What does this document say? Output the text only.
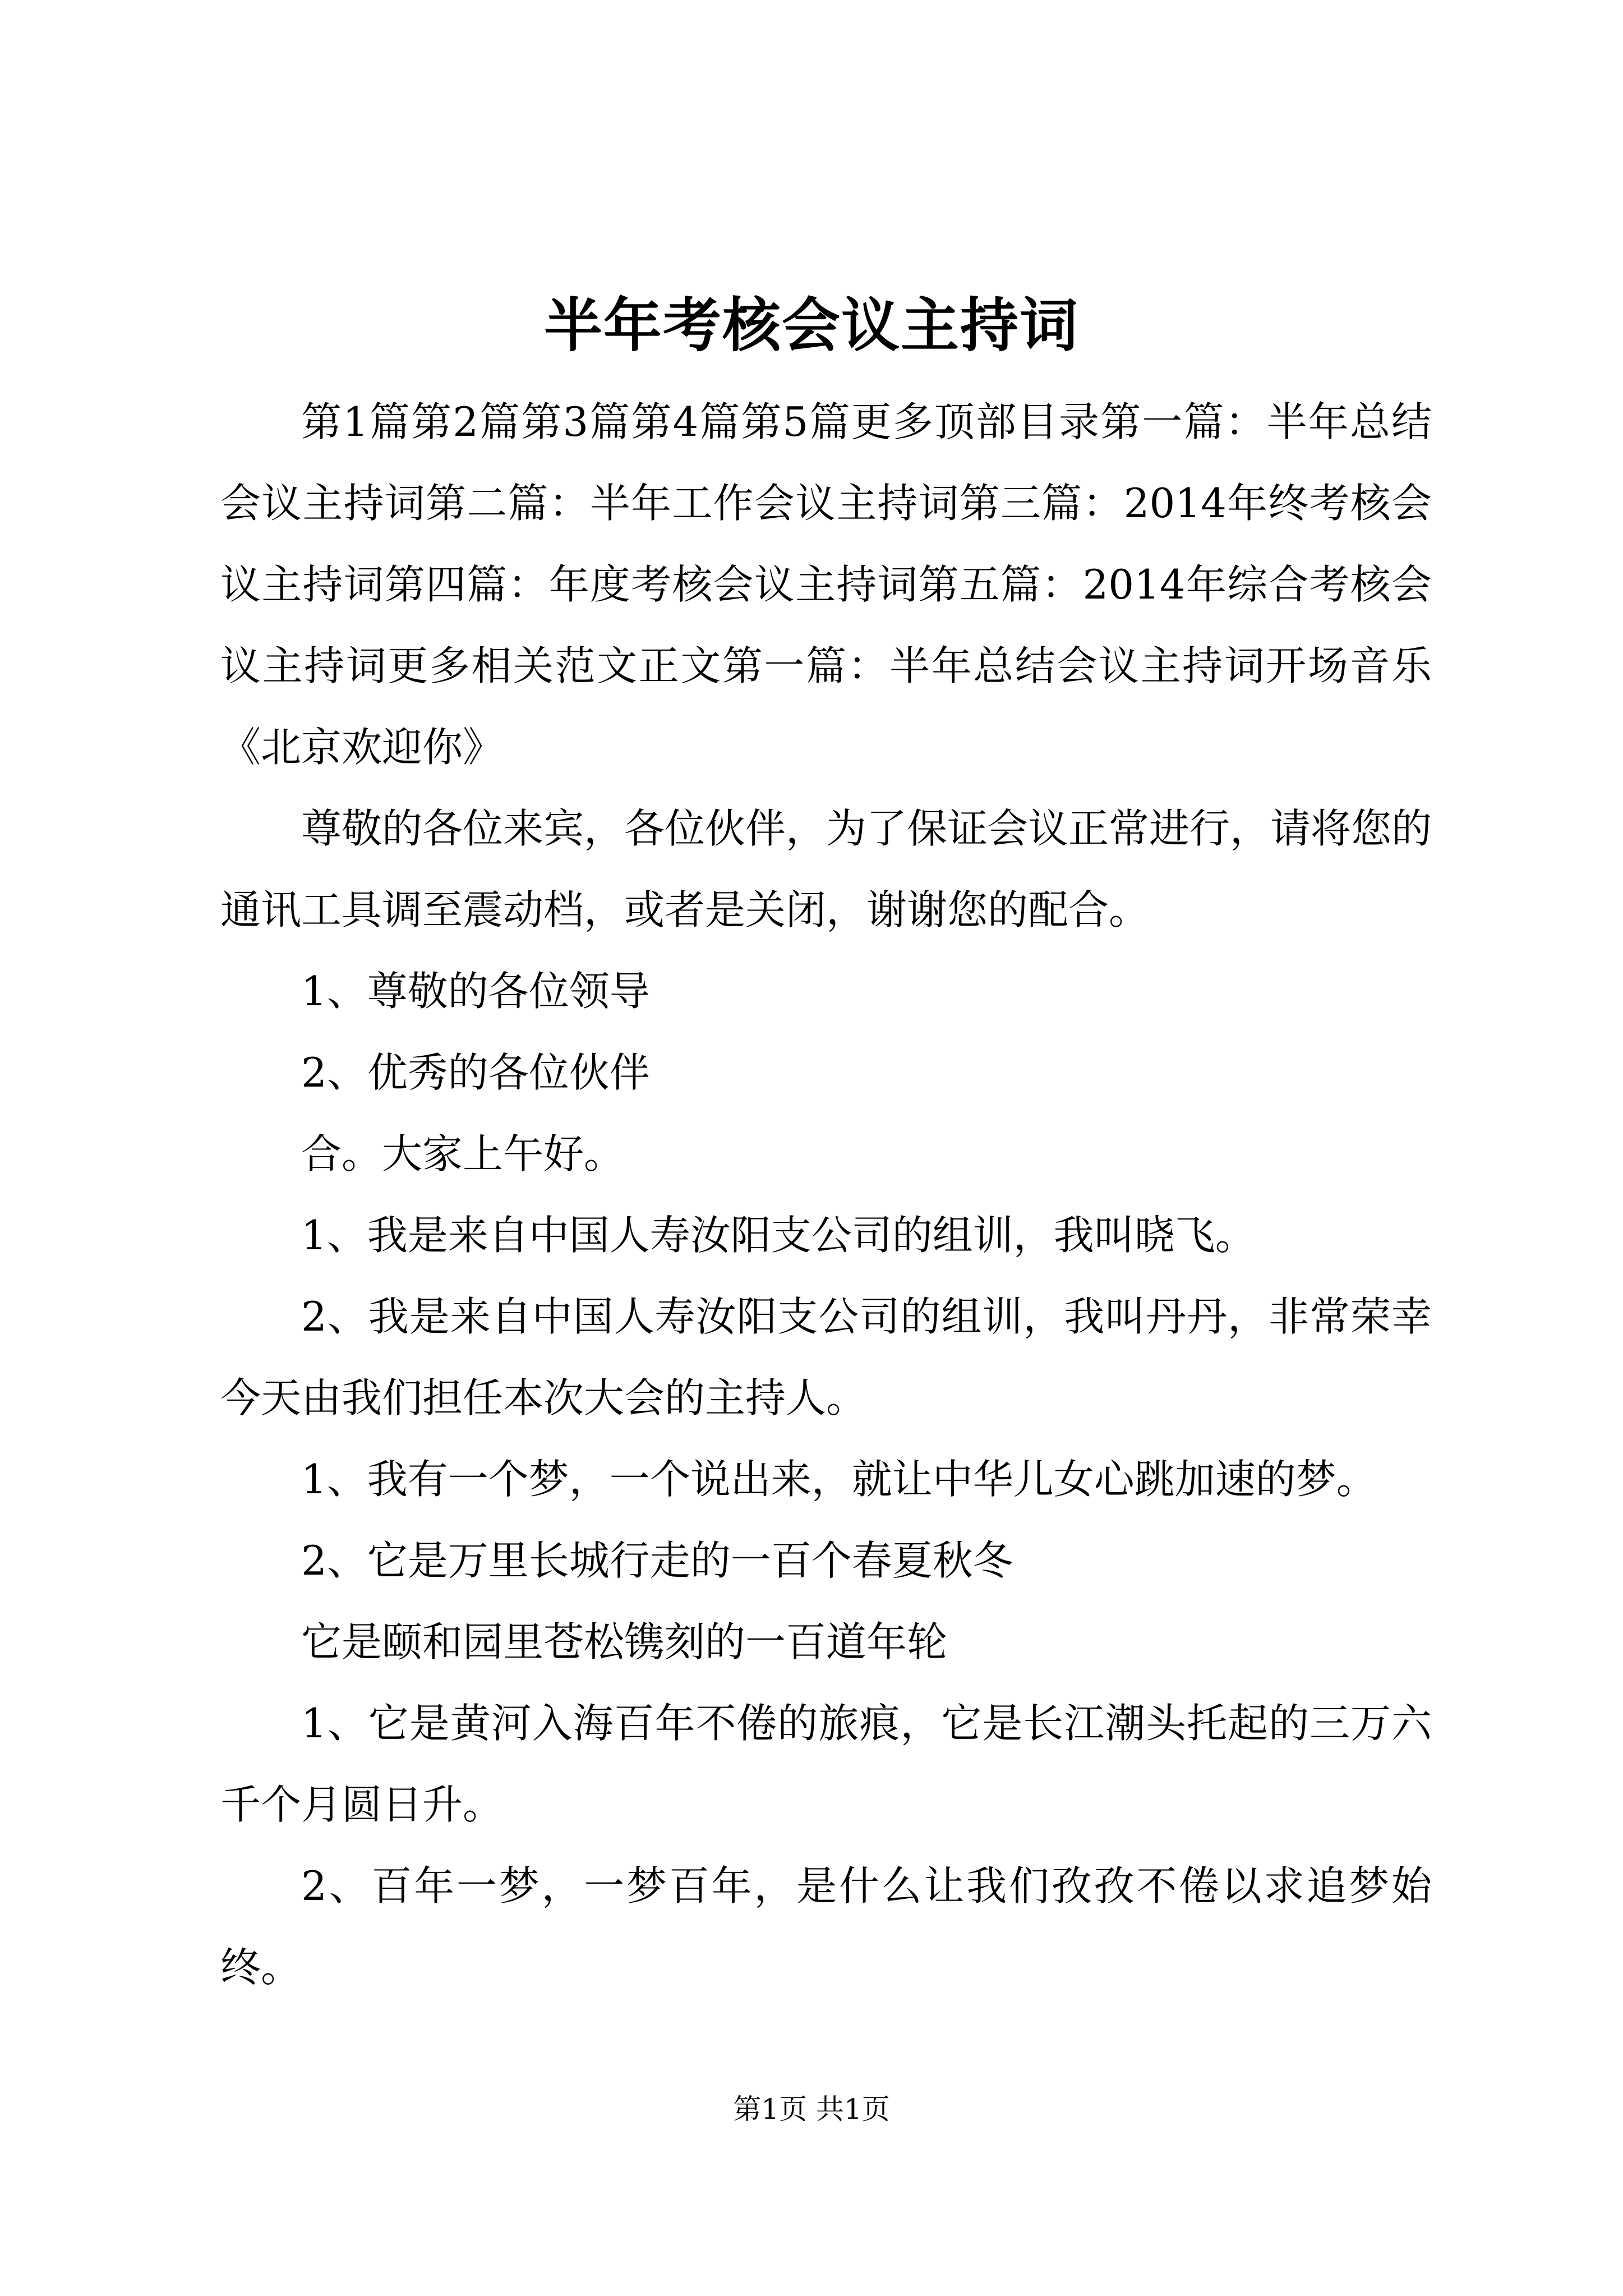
半年考核会议主持词

第1篇第2篇第3篇第4篇第5篇更多顶部目录第一篇：半年总结会议主持词第二篇：半年工作会议主持词第三篇：2014年终考核会议主持词第四篇：年度考核会议主持词第五篇：2014年综合考核会议主持词更多相关范文正文第一篇：半年总结会议主持词开场音乐《北京欢迎你》

尊敬的各位来宾，各位伙伴，为了保证会议正常进行，请将您的通讯工具调至震动档，或者是关闭，谢谢您的配合。

1、尊敬的各位领导

2、优秀的各位伙伴

合。大家上午好。

1、我是来自中国人寿汝阳支公司的组训，我叫晓飞。

2、我是来自中国人寿汝阳支公司的组训，我叫丹丹，非常荣幸今天由我们担任本次大会的主持人。

1、我有一个梦，一个说出来，就让中华儿女心跳加速的梦。

2、它是万里长城行走的一百个春夏秋冬

它是颐和园里苍松镌刻的一百道年轮

1、它是黄河入海百年不倦的旅痕，它是长江潮头托起的三万六千个月圆日升。

2、百年一梦，一梦百年，是什么让我们孜孜不倦以求追梦始终。

第1页 共1页
